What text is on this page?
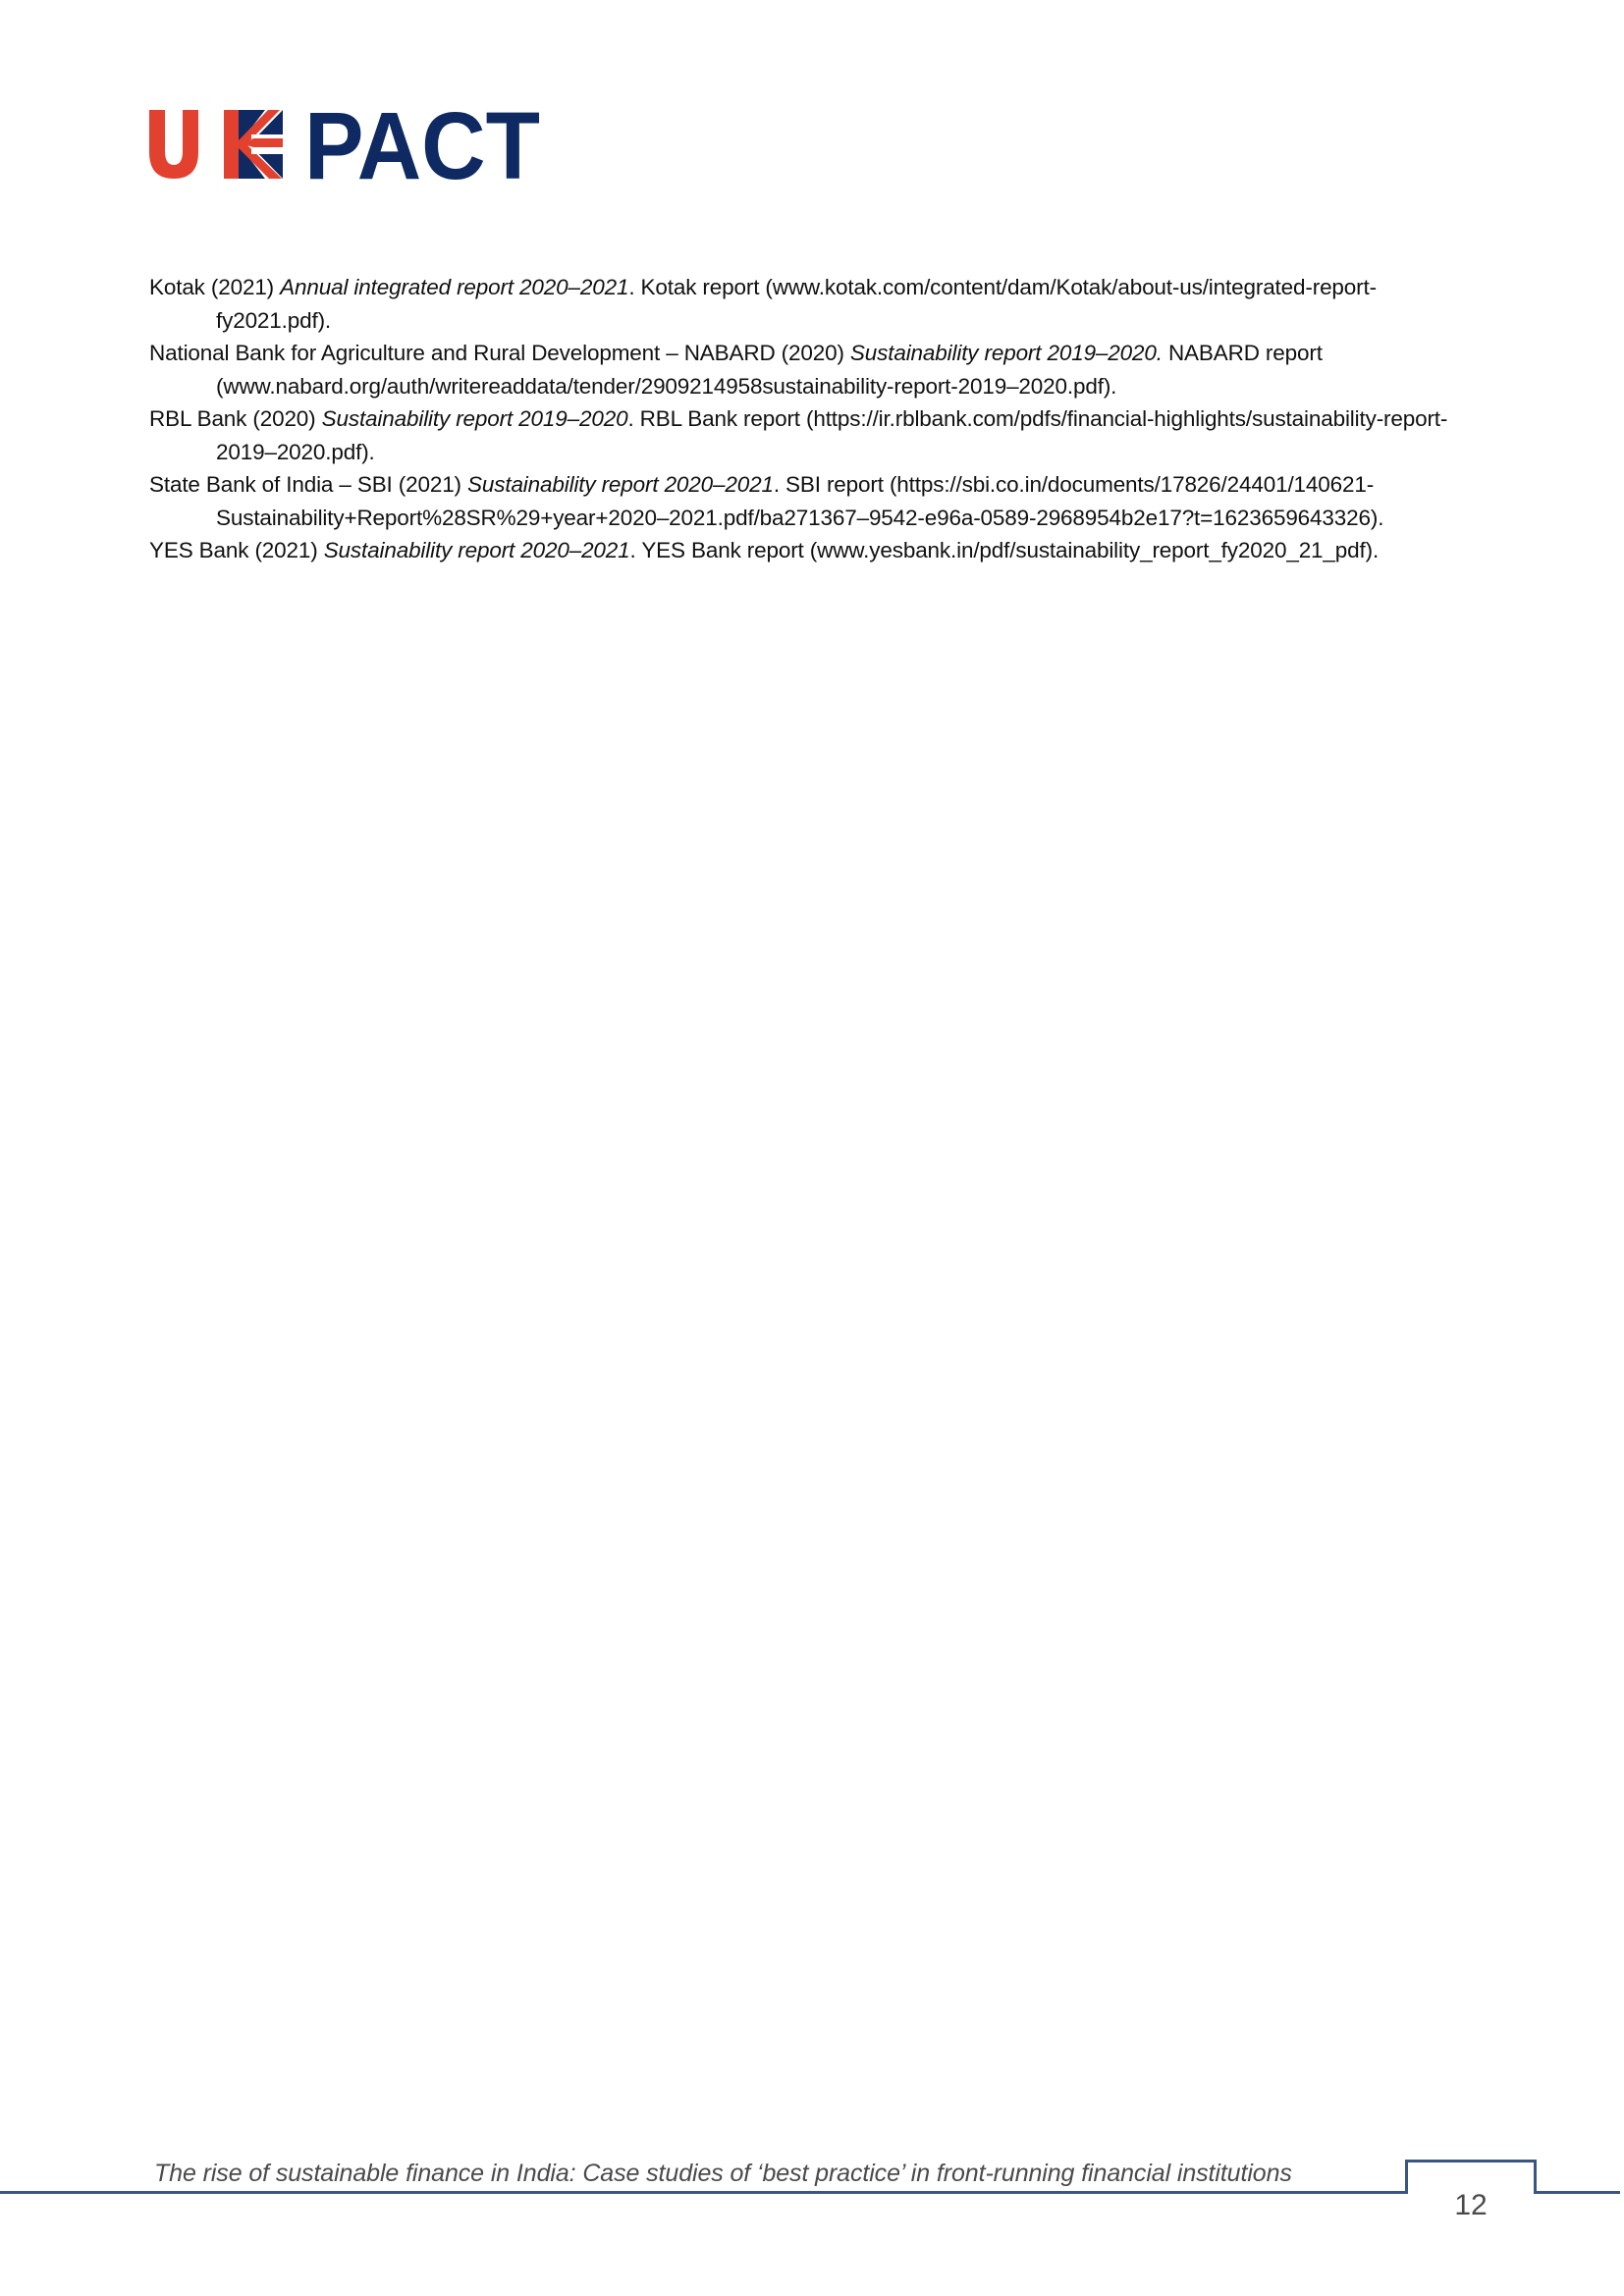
PACT

Kotak (2021) Annual integrated report 2020–2021. Kotak report (www.kotak.com/content/dam/Kotak/about-us/integrated-report-fy2021.pdf).

National Bank for Agriculture and Rural Development – NABARD (2020) Sustainability report 2019–2020. NABARD report (www.nabard.org/auth/writereaddata/tender/2909214958sustainability-report-2019–2020.pdf).

RBL Bank (2020) Sustainability report 2019–2020. RBL Bank report (https://ir.rblbank.com/pdfs/financial-highlights/sustainability-report-2019–2020.pdf).

State Bank of India – SBI (2021) Sustainability report 2020–2021. SBI report (https://sbi.co.in/documents/17826/24401/140621-Sustainability+Report%28SR%29+year+2020–2021.pdf/ba271367–9542-e96a-0589-2968954b2e17?t=1623659643326).

YES Bank (2021) Sustainability report 2020–2021. YES Bank report (www.yesbank.in/pdf/sustainability_report_fy2020_21_pdf).

The rise of sustainable finance in India: Case studies of ‘best practice’ in front-running financial institutions
12
